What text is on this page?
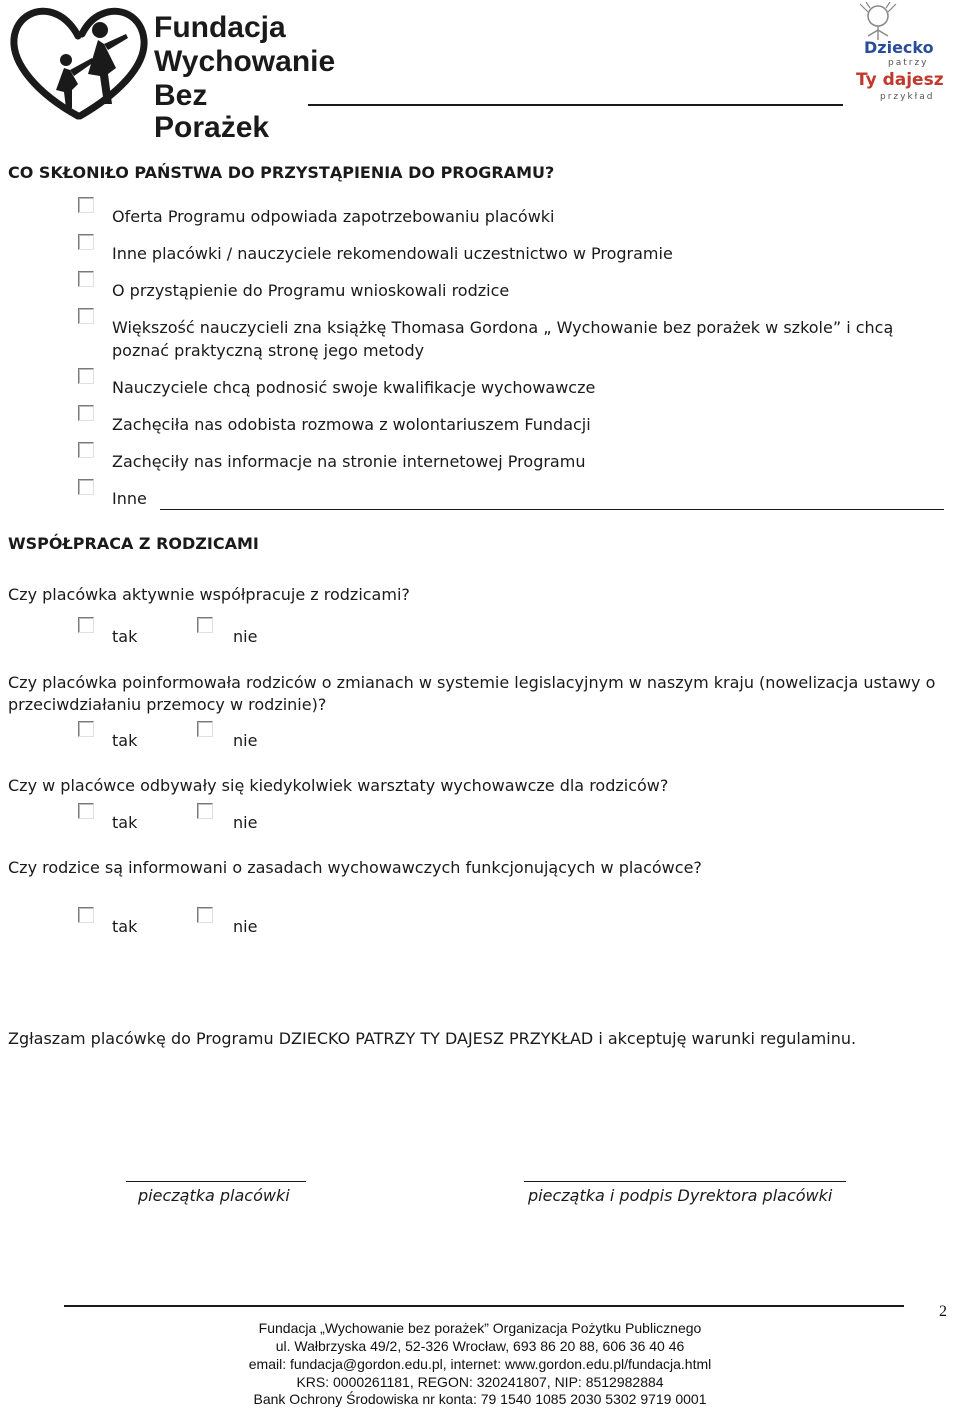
Fundacja
Wychowanie
Bez Porażek
Dziecko
patrzy
Ty dajesz
przykład
CO SKŁONIŁO PAŃSTWA DO PRZYSTĄPIENIA DO PROGRAMU?
Oferta Programu odpowiada zapotrzebowaniu placówki
Inne placówki / nauczyciele rekomendowali uczestnictwo w Programie
O przystąpienie do Programu wnioskowali rodzice
Większość nauczycieli zna książkę Thomasa Gordona „ Wychowanie bez porażek w szkole” i chcą
poznać praktyczną stronę jego metody
Nauczyciele chcą podnosić swoje kwalifikacje wychowawcze
Zachęciła nas odobista rozmowa z wolontariuszem Fundacji
Zachęciły nas informacje na stronie internetowej Programu
Inne
WSPÓŁPRACA Z RODZICAMI
Czy placówka aktywnie współpracuje z rodzicami?
tak	nie
Czy placówka poinformowała rodziców o zmianach w systemie legislacyjnym w naszym kraju (nowelizacja ustawy o
przeciwdziałaniu przemocy w rodzinie)?
tak	nie
Czy w placówce odbywały się kiedykolwiek warsztaty wychowawcze dla rodziców?
tak	nie
Czy rodzice są informowani o zasadach wychowawczych funkcjonujących w placówce?
tak	nie
Zgłaszam placówkę do Programu DZIECKO PATRZY TY DAJESZ PRZYKŁAD i akceptuję warunki regulaminu.
pieczątka placówki	pieczątka i podpis Dyrektora placówki
2
Fundacja „Wychowanie bez porażek” Organizacja Pożytku Publicznego
ul. Wałbrzyska 49/2, 52-326 Wrocław, 693 86 20 88, 606 36 40 46
email: fundacja@gordon.edu.pl, internet: www.gordon.edu.pl/fundacja.html
KRS: 0000261181, REGON: 320241807, NIP: 8512982884
Bank Ochrony Środowiska nr konta: 79 1540 1085 2030 5302 9719 0001
